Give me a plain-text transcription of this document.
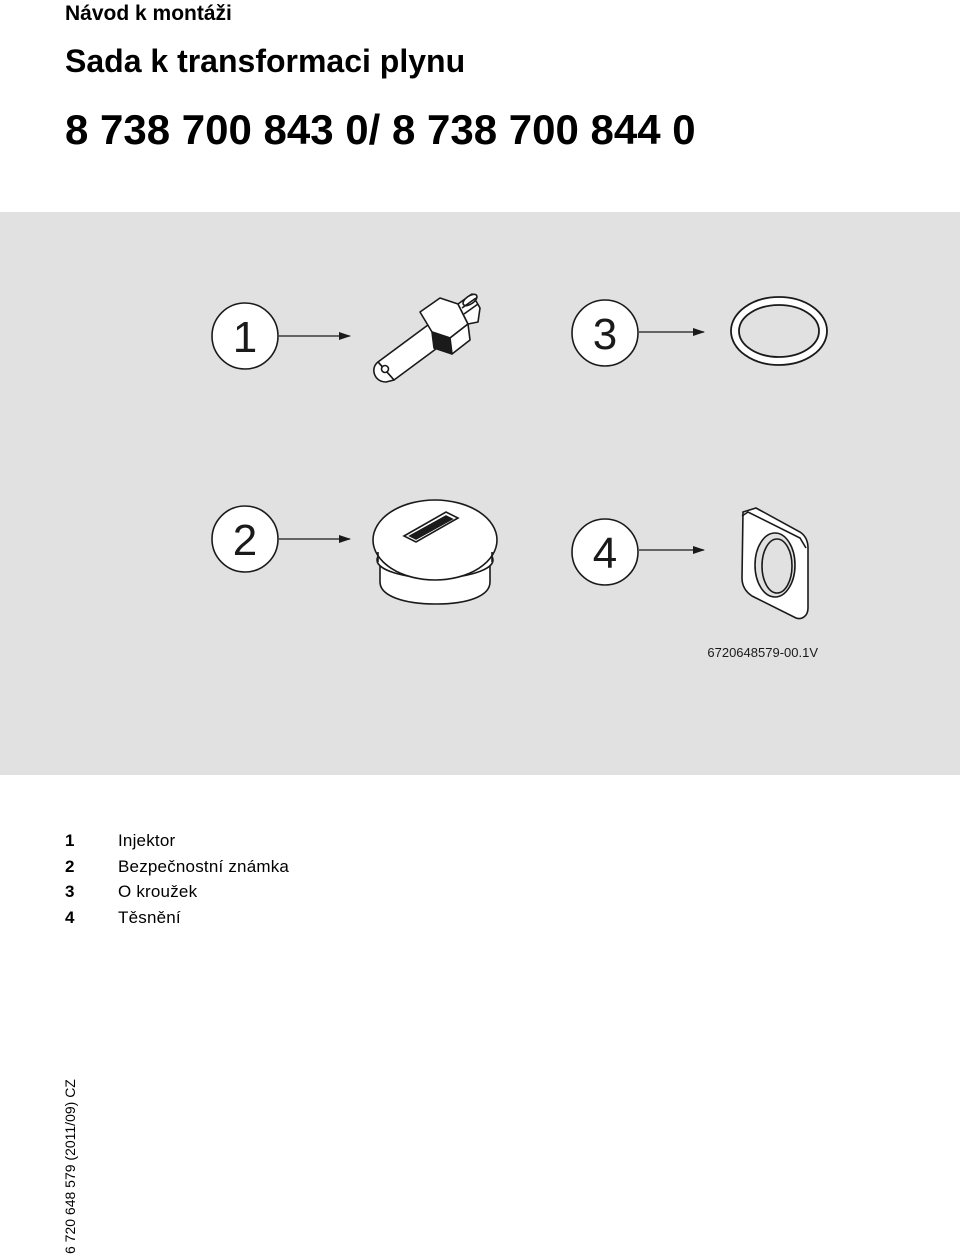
Návod k montáži
Sada k transformaci plynu
8 738 700 843 0/ 8 738 700 844 0
1	3
2	4
6720648579-00.1V
1	Injektor
2	Bezpečnostní známka
3	O kroužek
4	Těsnění
6 720 648 579 (2011/09) CZ
